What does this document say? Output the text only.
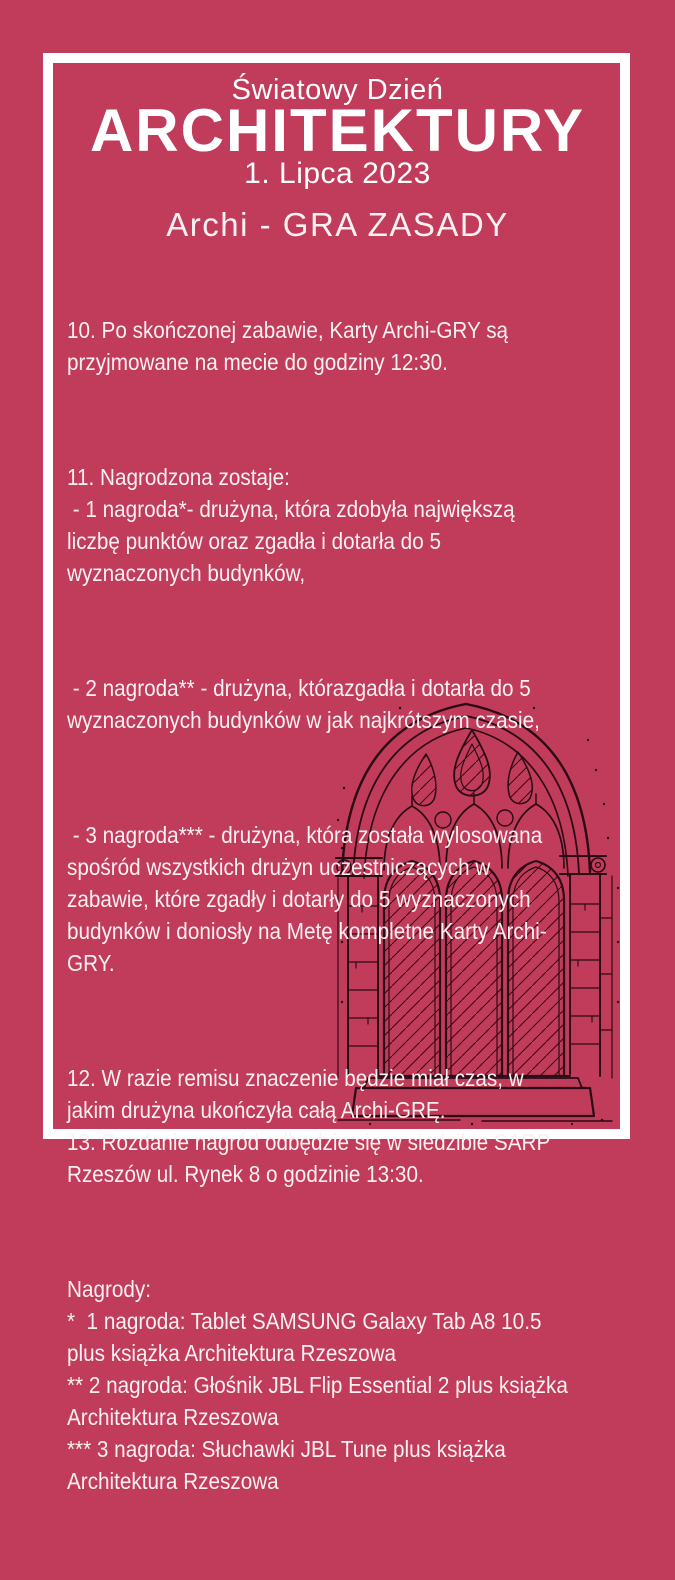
Światowy Dzień
ARCHITEKTURY
1. Lipca 2023
Archi - GRA ZASADY

10. Po skończonej zabawie, Karty Archi-GRY są
przyjmowane na mecie do godziny 12:30.

11. Nagrodzona zostaje:
- 1 nagroda*- drużyna, która zdobyła największą
liczbę punktów oraz zgadła i dotarła do 5
wyznaczonych budynków,

- 2 nagroda** - drużyna, którazgadła i dotarła do 5
wyznaczonych budynków w jak najkrótszym czasie,

- 3 nagroda*** - drużyna, która została wylosowana
spośród wszystkich drużyn uczestniczących w
zabawie, które zgadły i dotarły do 5 wyznaczonych
budynków i doniosły na Metę kompletne Karty Archi-
GRY.

12. W razie remisu znaczenie będzie miał czas, w
jakim drużyna ukończyła całą Archi-GRĘ.
13. Rozdanie nagród odbędzie się w siedzibie SARP
Rzeszów ul. Rynek 8 o godzinie 13:30.

Nagrody:
*  1 nagroda: Tablet SAMSUNG Galaxy Tab A8 10.5
plus książka Architektura Rzeszowa
** 2 nagroda: Głośnik JBL Flip Essential 2 plus książka
Architektura Rzeszowa
*** 3 nagroda: Słuchawki JBL Tune plus książka
Architektura Rzeszowa
